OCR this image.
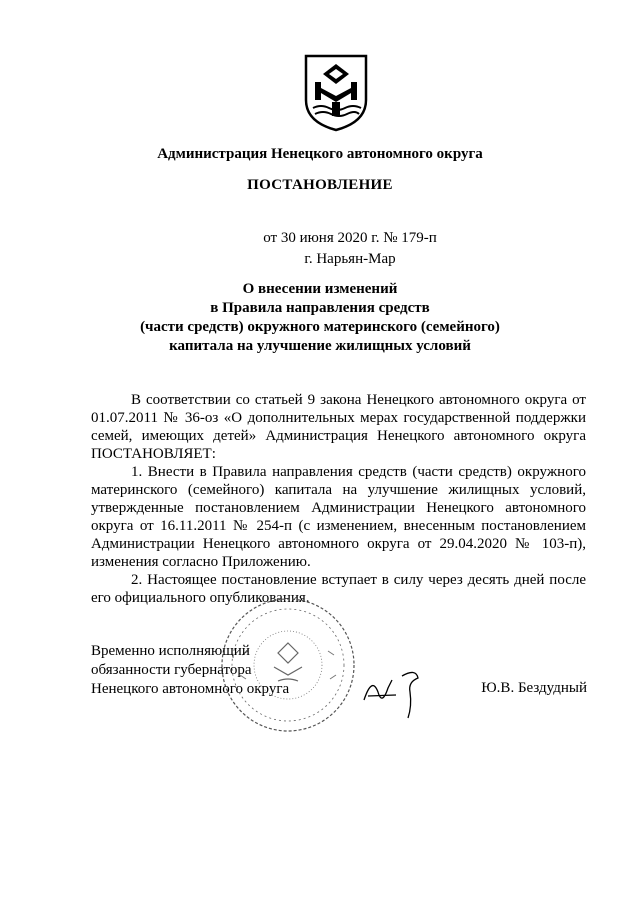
Администрация Ненецкого автономного округа
ПОСТАНОВЛЕНИЕ
от 30 июня 2020 г. № 179-п
г. Нарьян-Мар
О внесении изменений
в Правила направления средств
(части средств) окружного материнского (семейного)
капитала на улучшение жилищных условий

В соответствии со статьей 9 закона Ненецкого автономного округа от 01.07.2011 № 36-оз «О дополнительных мерах государственной поддержки семей, имеющих детей» Администрация Ненецкого автономного округа ПОСТАНОВЛЯЕТ:

1. Внести в Правила направления средств (части средств) окружного материнского (семейного) капитала на улучшение жилищных условий, утвержденные постановлением Администрации Ненецкого автономного округа от 16.11.2011 № 254-п (с изменением, внесенным постановлением Администрации Ненецкого автономного округа от 29.04.2020 № 103-п), изменения согласно Приложению.

2. Настоящее постановление вступает в силу через десять дней после его официального опубликования.

Временно исполняющий
обязанности губернатора
Ненецкого автономного округа	Ю.В. Бездудный
